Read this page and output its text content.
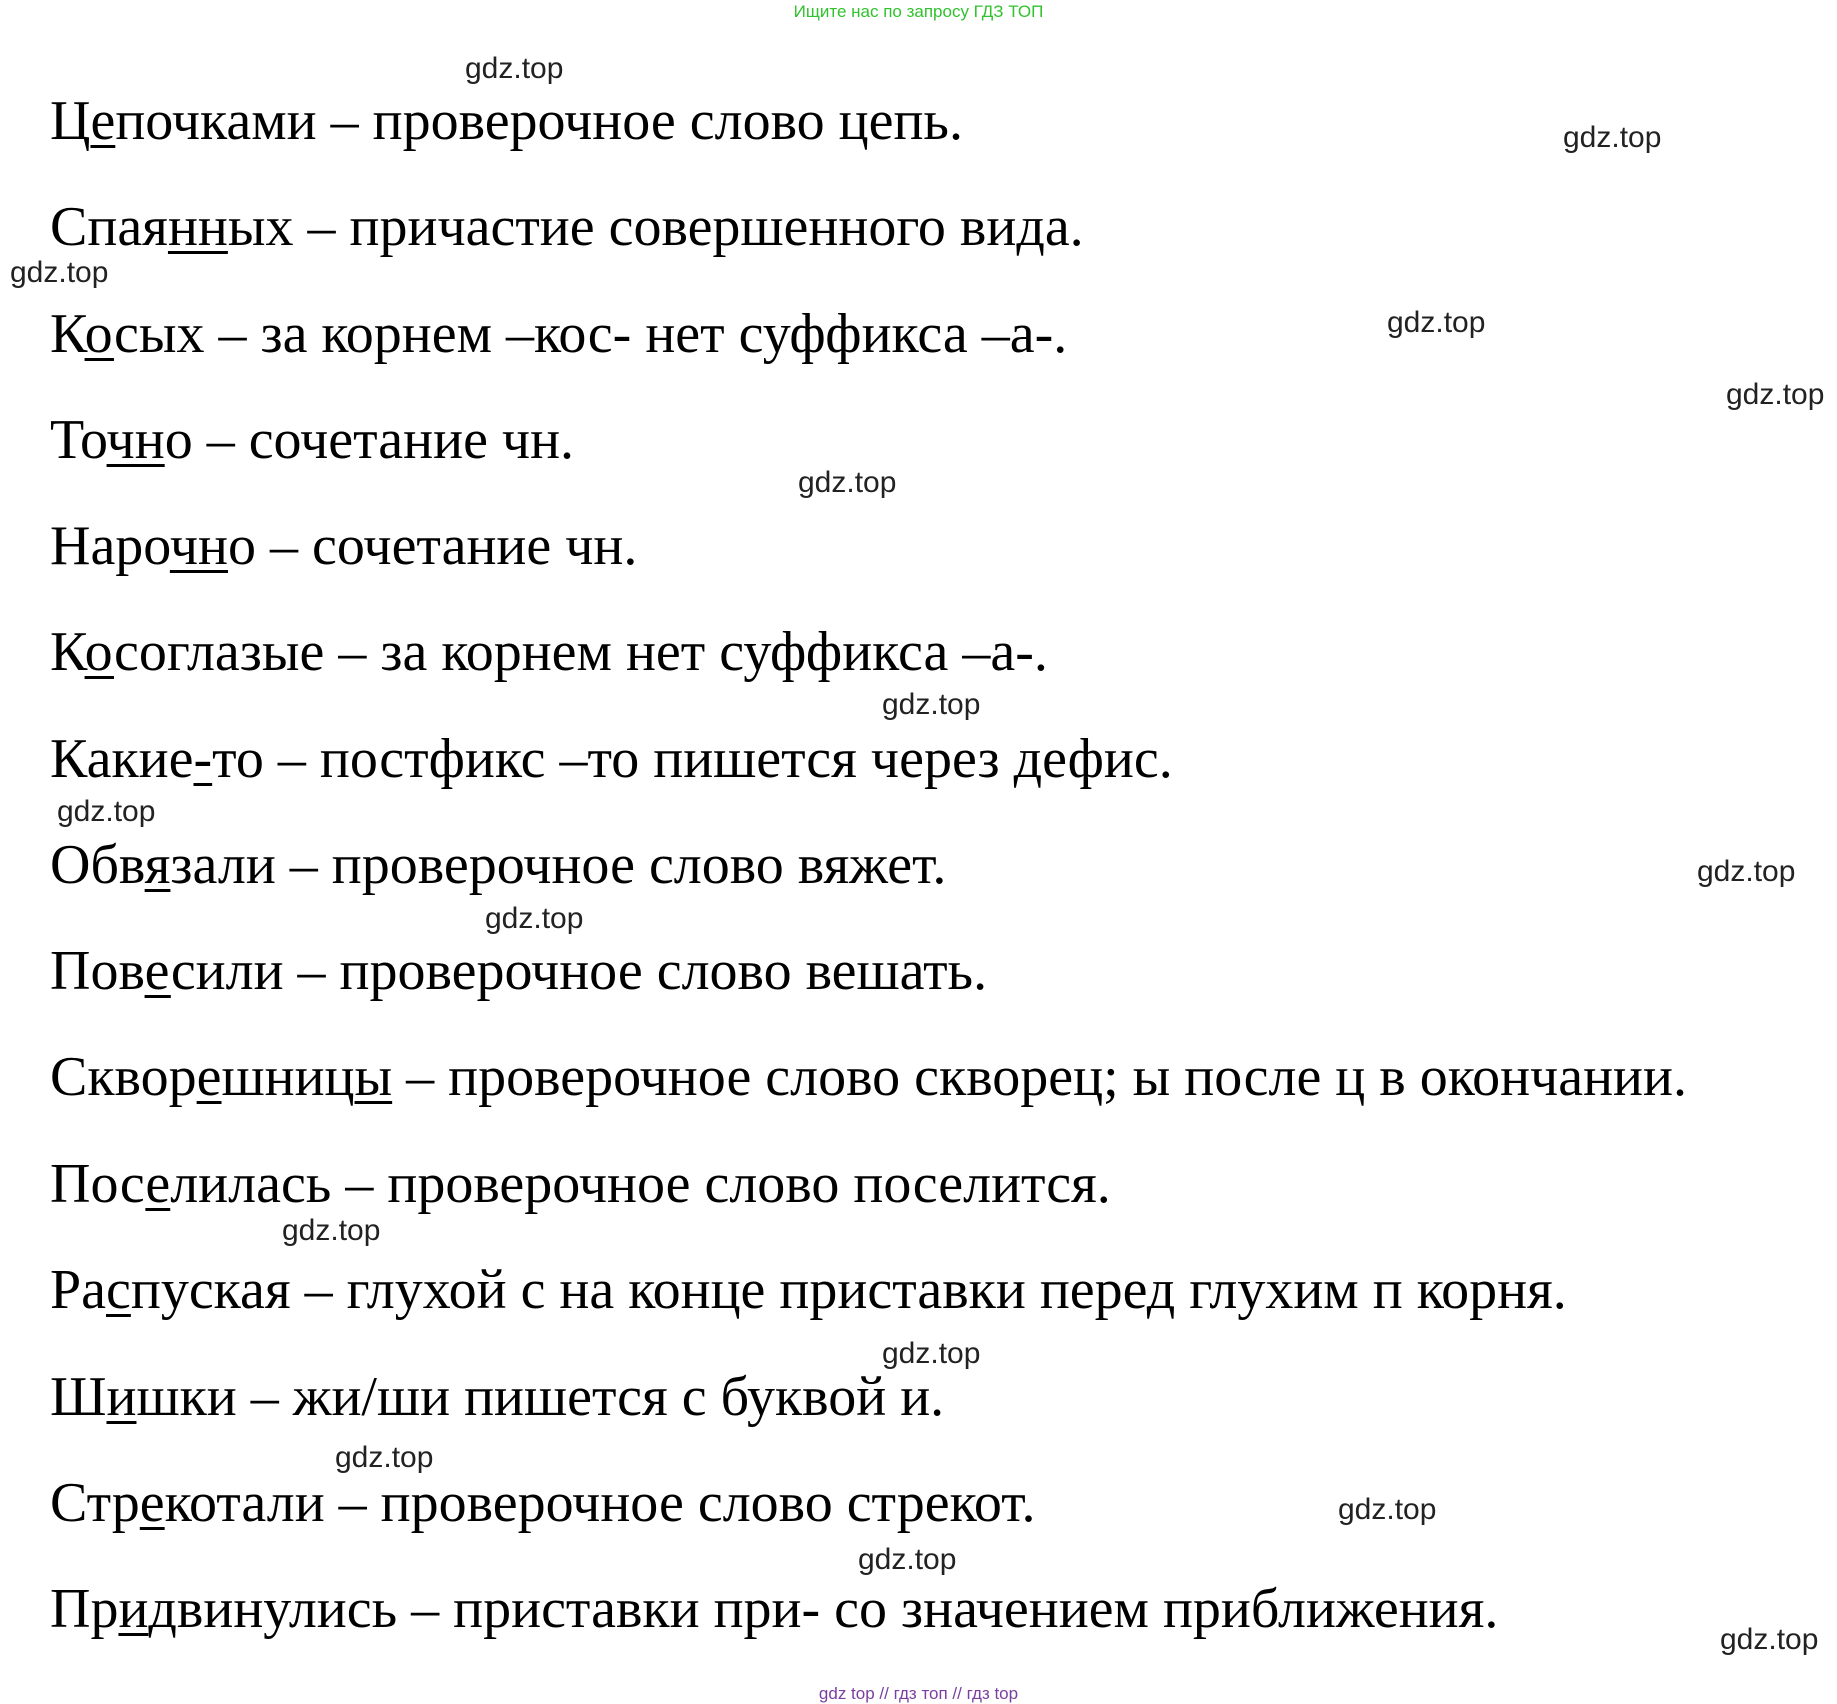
Ищите нас по запросу ГДЗ ТОП
Цепочками – проверочное слово цепь.
Спаянных – причастие совершенного вида.
Косых – за корнем –кос- нет суффикса –а-.
Точно – сочетание чн.
Нарочно – сочетание чн.
Косоглазые – за корнем нет суффикса –а-.
Какие-то – постфикс –то пишется через дефис.
Обвязали – проверочное слово вяжет.
Повесили – проверочное слово вешать.
Скворешницы – проверочное слово скворец; ы после ц в окончании.
Поселилась – проверочное слово поселится.
Распуская – глухой с на конце приставки перед глухим п корня.
Шишки – жи/ши пишется с буквой и.
Стрекотали – проверочное слово стрекот.
Придвинулись – приставки при- со значением приближения.
gdz.top
gdz.top
gdz.top
gdz.top
gdz.top
gdz.top
gdz.top
gdz.top
gdz.top
gdz.top
gdz.top
gdz.top
gdz.top
gdz.top
gdz.top
gdz.top
gdz top // гдз топ // гдз top
